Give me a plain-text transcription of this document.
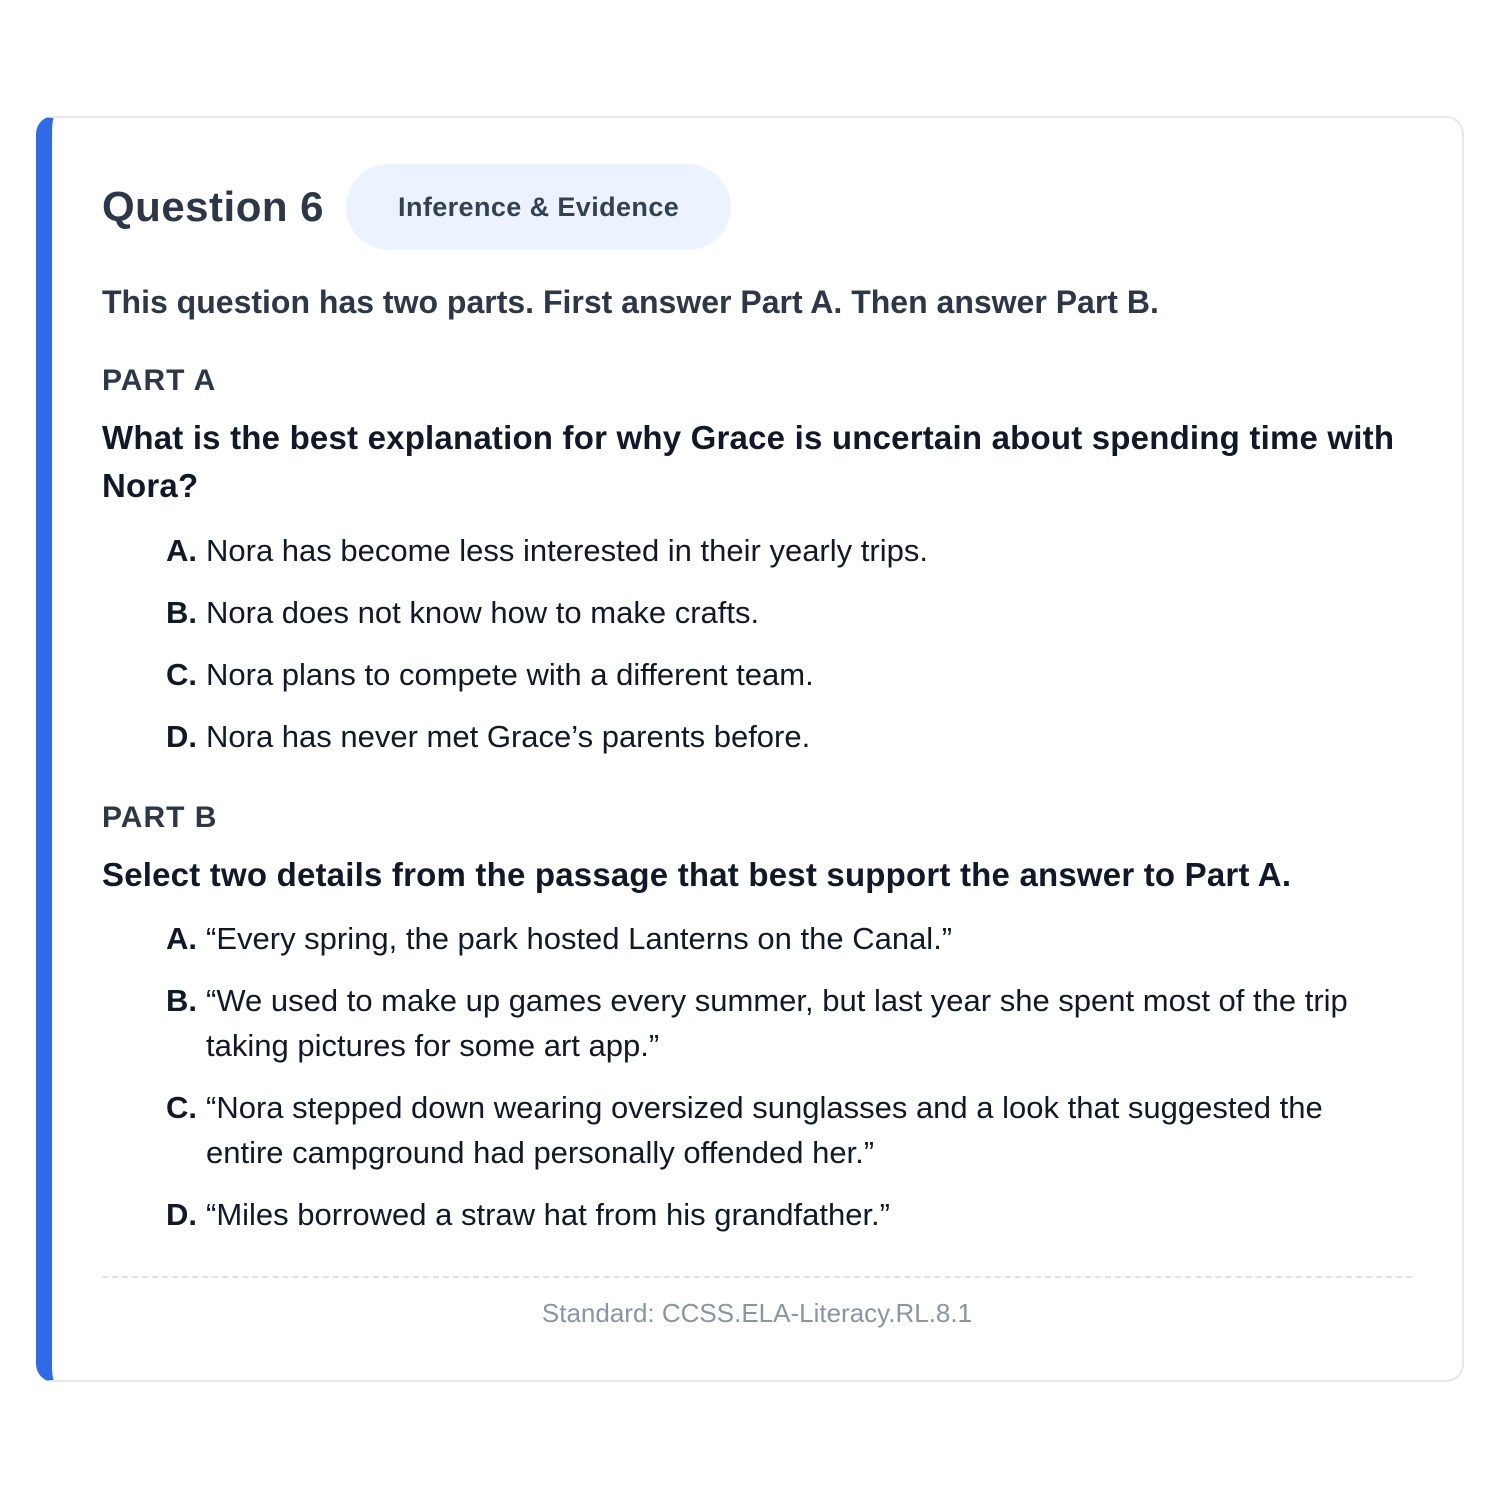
Question 6	Inference & Evidence
This question has two parts. First answer Part A. Then answer Part B.
PART A
What is the best explanation for why Grace is uncertain about spending time with Nora?
A. Nora has become less interested in their yearly trips.
B. Nora does not know how to make crafts.
C. Nora plans to compete with a different team.
D. Nora has never met Grace’s parents before.
PART B
Select two details from the passage that best support the answer to Part A.
A. “Every spring, the park hosted Lanterns on the Canal.”
B. “We used to make up games every summer, but last year she spent most of the trip taking pictures for some art app.”
C. “Nora stepped down wearing oversized sunglasses and a look that suggested the entire campground had personally offended her.”
D. “Miles borrowed a straw hat from his grandfather.”
Standard: CCSS.ELA-Literacy.RL.8.1
